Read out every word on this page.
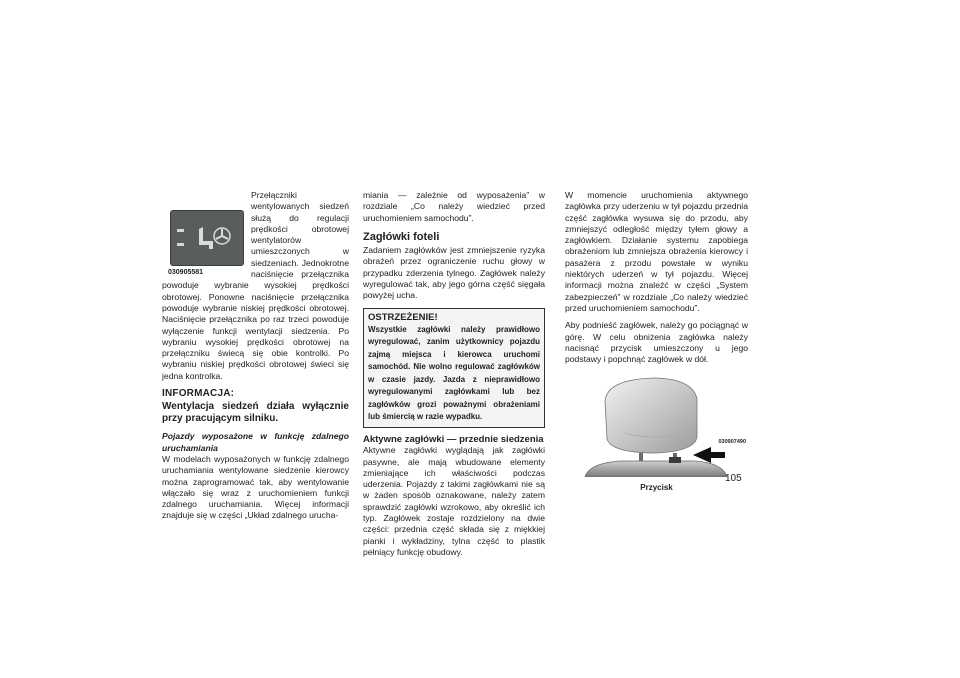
030905581

Przełączniki wentylowanych siedzeń służą do regulacji prędkości obrotowej wentylatorów umieszczonych w siedzeniach. Jednokrotne naciśnięcie przełącznika powoduje wybranie wysokiej prędkości obrotowej. Ponowne naciśnięcie przełącznika powoduje wybranie niskiej prędkości obrotowej. Naciśnięcie przełącznika po raz trzeci powoduje wyłączenie funkcji wentylacji siedzenia. Po wybraniu wysokiej prędkości obrotowej na przełączniku świecą się obie kontrolki. Po wybraniu niskiej prędkości obrotowej świeci się jedna kontrolka.

INFORMACJA:
Wentylacja siedzeń działa wyłącznie przy pracującym silniku.
Pojazdy wyposażone w funkcję zdalnego uruchamiania

W modelach wyposażonych w funkcję zdalnego uruchamiania wentylowane siedzenie kierowcy można zaprogramować tak, aby wentylowanie włączało się wraz z uruchomieniem funkcji zdalnego uruchamiania. Więcej informacji znajduje się w części „Układ zdalnego urucha-

miania — zależnie od wyposażenia” w rozdziale „Co należy wiedzieć przed uruchomieniem samochodu”.

Zagłówki foteli

Zadaniem zagłówków jest zmniejszenie ryzyka obrażeń przez ograniczenie ruchu głowy w przypadku zderzenia tylnego. Zagłówek należy wyregulować tak, aby jego górna część sięgała powyżej ucha.

OSTRZEŻENIE!
Wszystkie zagłówki należy prawidłowo wyregulować, zanim użytkownicy pojazdu zajmą miejsca i kierowca uruchomi samochód. Nie wolno regulować zagłówków w czasie jazdy. Jazda z nieprawidłowo wyregulowanymi zagłówkami lub bez zagłówków grozi poważnymi obrażeniami lub śmiercią w razie wypadku.
Aktywne zagłówki — przednie siedzenia

Aktywne zagłówki wyglądają jak zagłówki pasywne, ale mają wbudowane elementy zmieniające ich właściwości podczas uderzenia. Pojazdy z takimi zagłówkami nie są w żaden sposób oznakowane, należy zatem sprawdzić zagłówki wzrokowo, aby określić ich typ. Zagłówek zostaje rozdzielony na dwie części: przednia część składa się z miękkiej pianki i wykładziny, tylna część to plastik pełniący funkcję obudowy.

W momencie uruchomienia aktywnego zagłówka przy uderzeniu w tył pojazdu przednia część zagłówka wysuwa się do przodu, aby zmniejszyć odległość między tyłem głowy a zagłówkiem. Działanie systemu zapobiega obrażeniom lub zmniejsza obrażenia kierowcy i pasażera z przodu powstałe w wyniku niektórych uderzeń w tył pojazdu. Więcej informacji można znaleźć w części „System zabezpieczeń” w rozdziale „Co należy wiedzieć przed uruchomieniem samochodu”.

Aby podnieść zagłówek, należy go pociągnąć w górę. W celu obniżenia zagłówka należy nacisnąć przycisk umieszczony u jego podstawy i popchnąć zagłówek w dół.

030907490
Przycisk
105
